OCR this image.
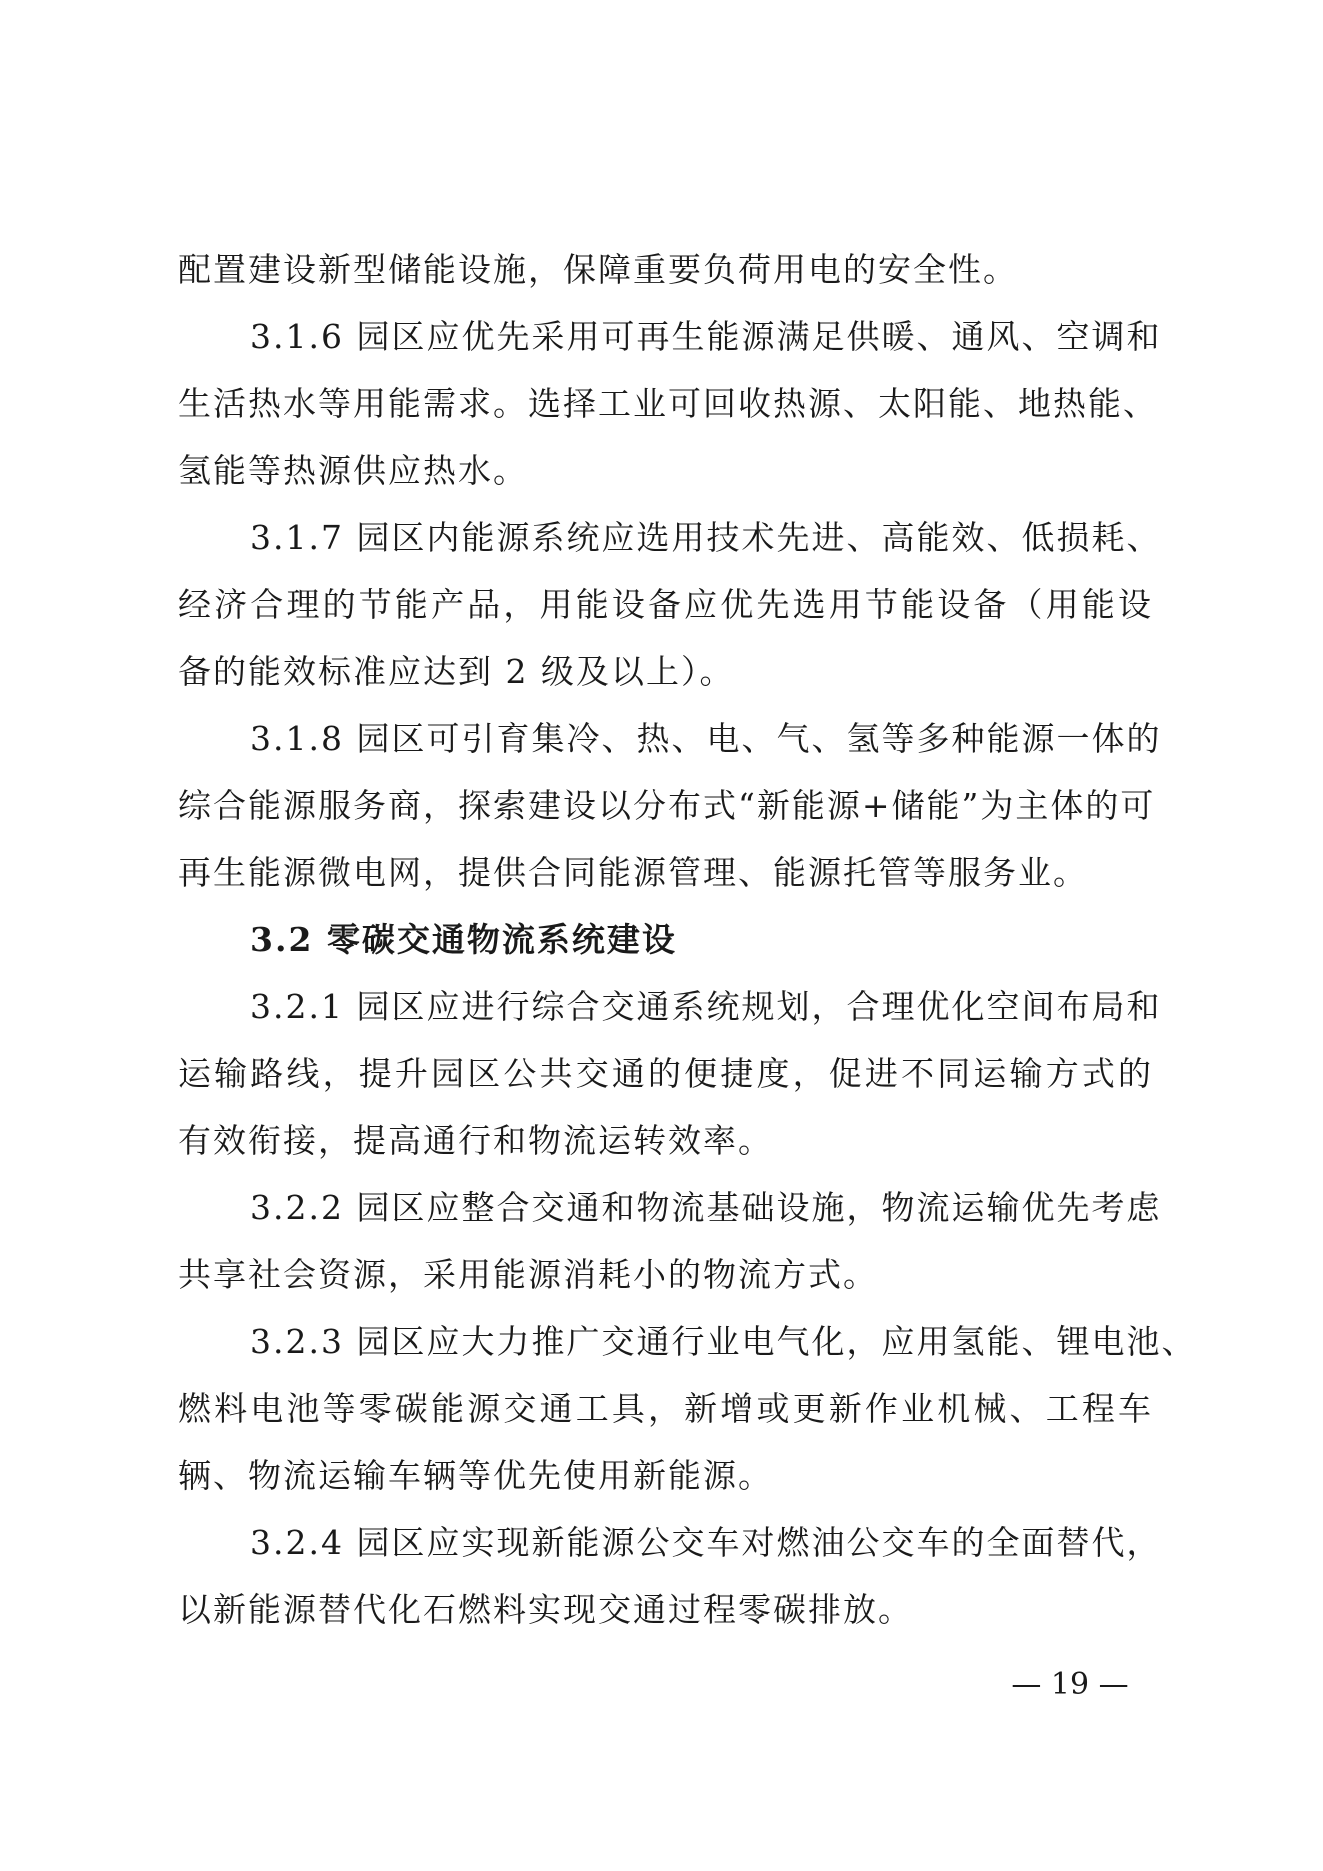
配置建设新型储能设施，保障重要负荷用电的安全性。
3.1.6 园区应优先采用可再生能源满足供暖、通风、空调和
生活热水等用能需求。选择工业可回收热源、太阳能、地热能、
氢能等热源供应热水。
3.1.7 园区内能源系统应选用技术先进、高能效、低损耗、
经济合理的节能产品，用能设备应优先选用节能设备（用能设
备的能效标准应达到 2 级及以上）。
3.1.8 园区可引育集冷、热、电、气、氢等多种能源一体的
综合能源服务商，探索建设以分布式“新能源+储能”为主体的可
再生能源微电网，提供合同能源管理、能源托管等服务业。
3.2 零碳交通物流系统建设
3.2.1 园区应进行综合交通系统规划，合理优化空间布局和
运输路线，提升园区公共交通的便捷度，促进不同运输方式的
有效衔接，提高通行和物流运转效率。
3.2.2 园区应整合交通和物流基础设施，物流运输优先考虑
共享社会资源，采用能源消耗小的物流方式。
3.2.3 园区应大力推广交通行业电气化，应用氢能、锂电池、
燃料电池等零碳能源交通工具，新增或更新作业机械、工程车
辆、物流运输车辆等优先使用新能源。
3.2.4 园区应实现新能源公交车对燃油公交车的全面替代，
以新能源替代化石燃料实现交通过程零碳排放。
— 19 —
